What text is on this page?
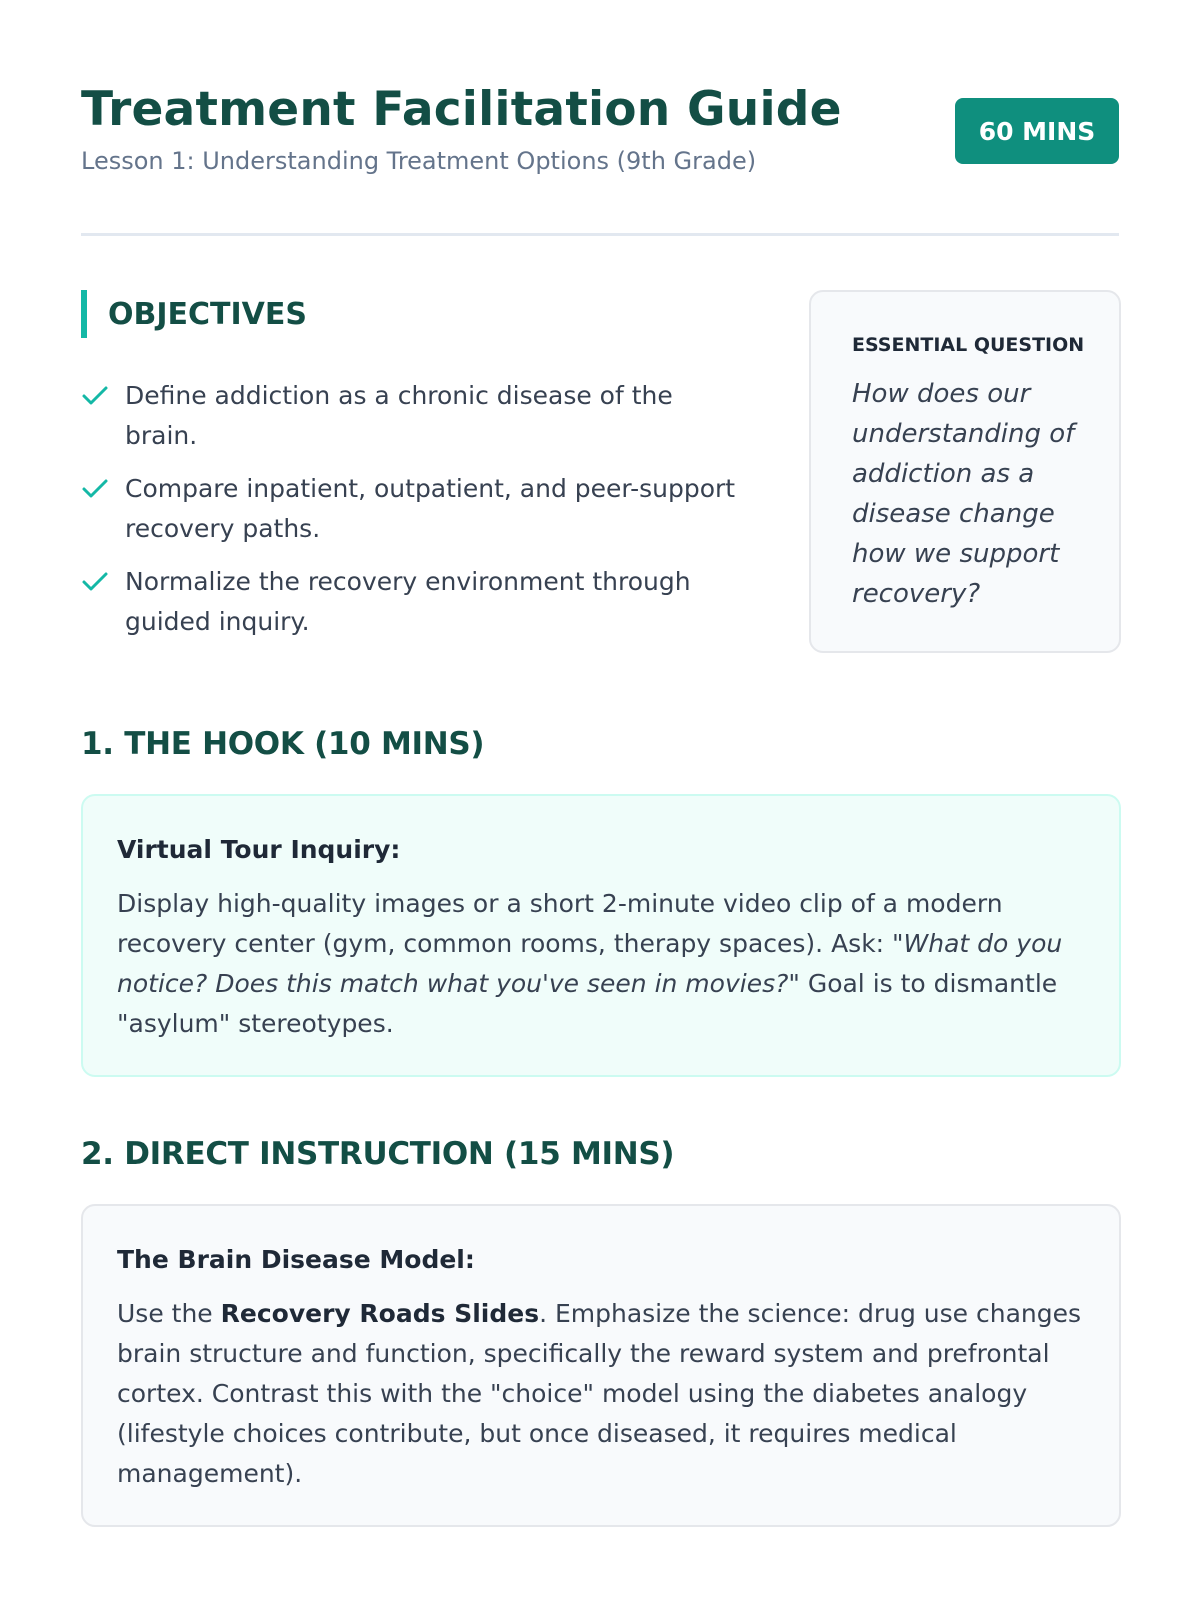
Treatment Facilitation Guide

Lesson 1: Understanding Treatment Options (9th Grade)

60 MINS
OBJECTIVES
Define addiction as a chronic disease of the brain.
Compare inpatient, outpatient, and peer-support recovery paths.
Normalize the recovery environment through guided inquiry.

ESSENTIAL QUESTION

How does our understanding of addiction as a disease change how we support recovery?

1. THE HOOK (10 MINS)

Virtual Tour Inquiry:

Display high-quality images or a short 2-minute video clip of a modern recovery center (gym, common rooms, therapy spaces). Ask: "What do you notice? Does this match what you've seen in movies?" Goal is to dismantle "asylum" stereotypes.

2. DIRECT INSTRUCTION (15 MINS)

The Brain Disease Model:

Use the Recovery Roads Slides. Emphasize the science: drug use changes brain structure and function, specifically the reward system and prefrontal cortex. Contrast this with the "choice" model using the diabetes analogy (lifestyle choices contribute, but once diseased, it requires medical management).
